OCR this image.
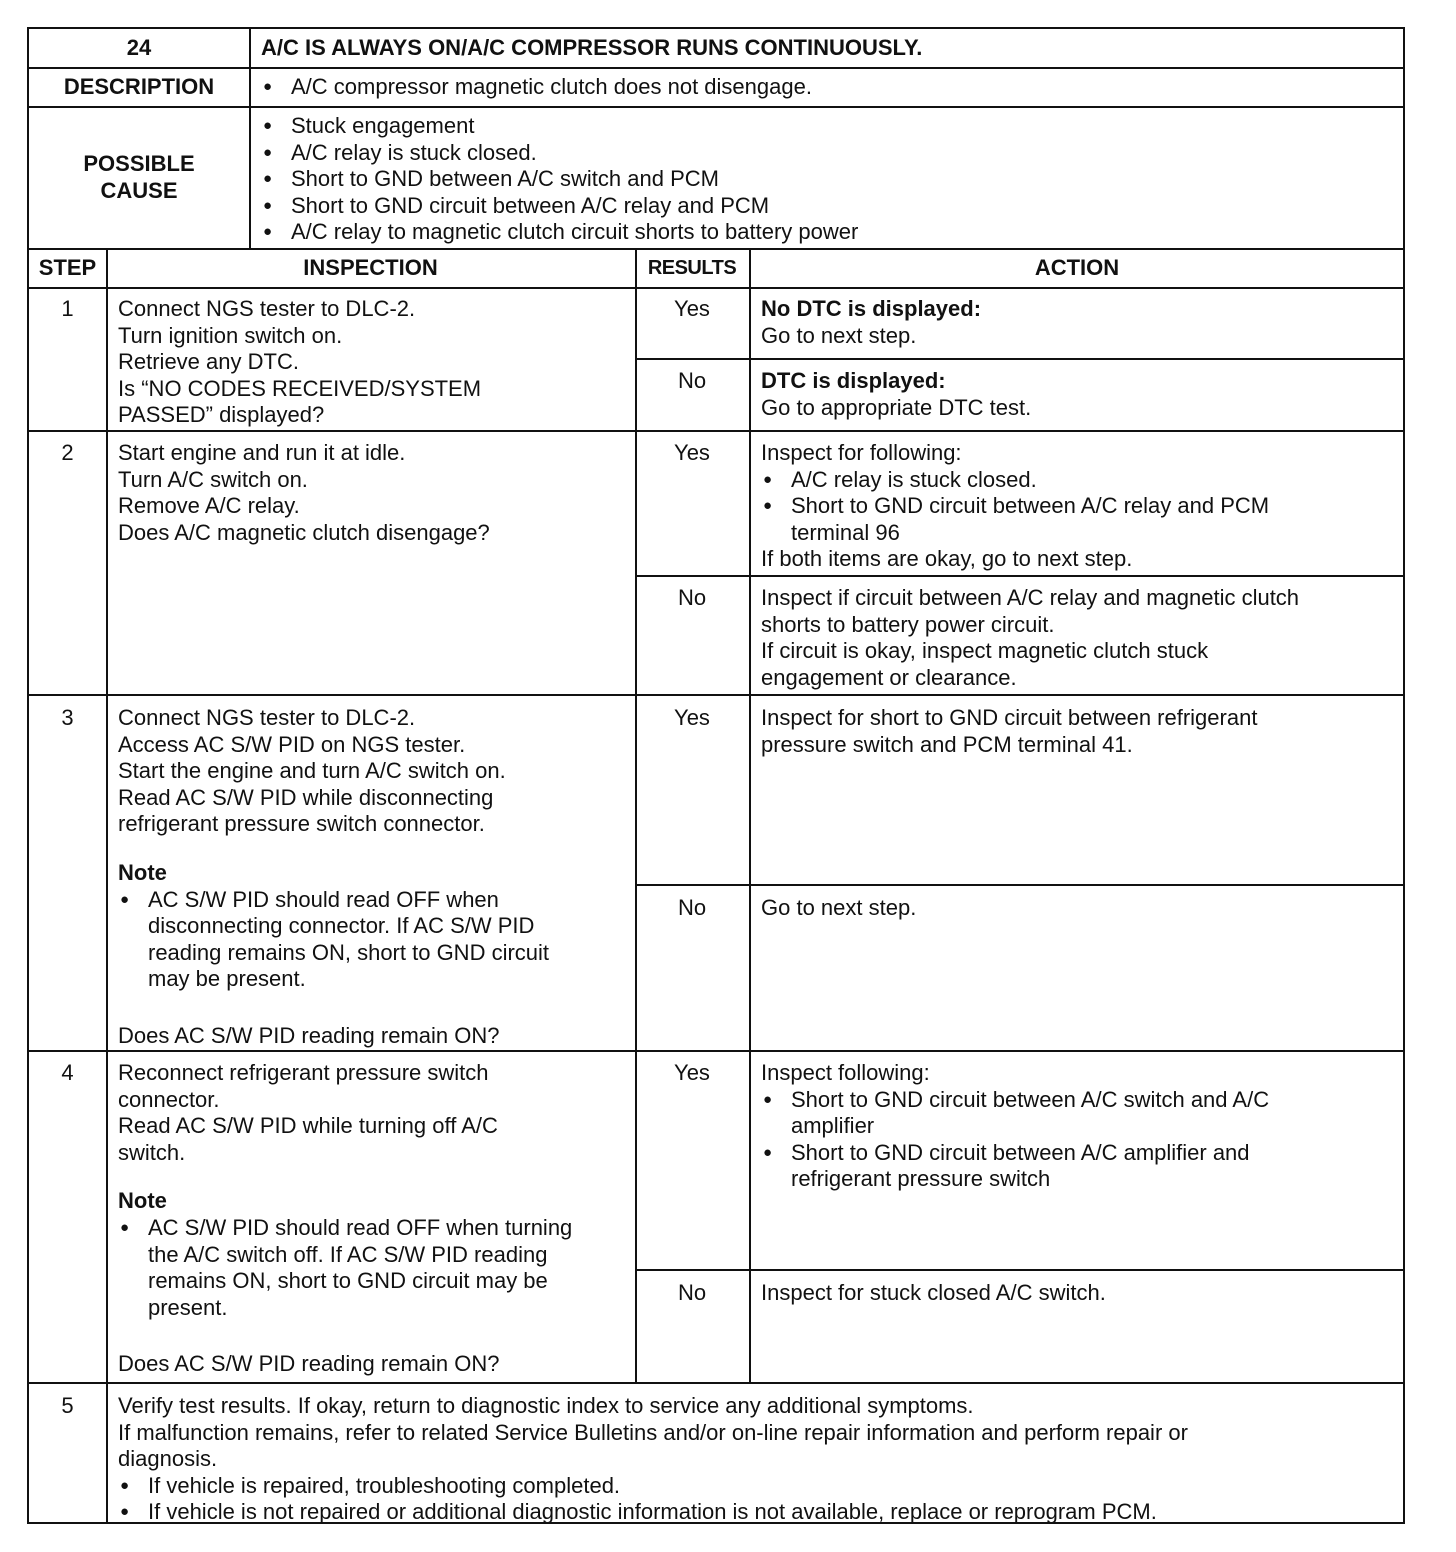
24	A/C IS ALWAYS ON/A/C COMPRESSOR RUNS CONTINUOUSLY.
DESCRIPTION
●	A/C compressor magnetic clutch does not disengage.
POSSIBLE
CAUSE
● Stuck engagement
● A/C relay is stuck closed.
● Short to GND between A/C switch and PCM
● Short to GND circuit between A/C relay and PCM
● A/C relay to magnetic clutch circuit shorts to battery power
STEP	INSPECTION	RESULTS	ACTION
1	Connect NGS tester to DLC-2.
Turn ignition switch on.
Retrieve any DTC.
Is “NO CODES RECEIVED/SYSTEM
PASSED” displayed?
Yes	No DTC is displayed:
Go to next step.
No	DTC is displayed:
Go to appropriate DTC test.
2	Start engine and run it at idle.
Turn A/C switch on.
Remove A/C relay.
Does A/C magnetic clutch disengage?
Yes	Inspect for following:
● A/C relay is stuck closed.
● Short to GND circuit between A/C relay and PCM
terminal 96
If both items are okay, go to next step.
No	Inspect if circuit between A/C relay and magnetic clutch
shorts to battery power circuit.
If circuit is okay, inspect magnetic clutch stuck
engagement or clearance.
3	Connect NGS tester to DLC-2.
Access AC S/W PID on NGS tester.
Start the engine and turn A/C switch on.
Read AC S/W PID while disconnecting
refrigerant pressure switch connector.
Note
● AC S/W PID should read OFF when
disconnecting connector. If AC S/W PID
reading remains ON, short to GND circuit
may be present.
Does AC S/W PID reading remain ON?
Yes	Inspect for short to GND circuit between refrigerant
pressure switch and PCM terminal 41.
No	Go to next step.
4	Reconnect refrigerant pressure switch
connector.
Read AC S/W PID while turning off A/C
switch.
Note
● AC S/W PID should read OFF when turning
the A/C switch off. If AC S/W PID reading
remains ON, short to GND circuit may be
present.
Does AC S/W PID reading remain ON?
Yes	Inspect following:
● Short to GND circuit between A/C switch and A/C
amplifier
● Short to GND circuit between A/C amplifier and
refrigerant pressure switch
No	Inspect for stuck closed A/C switch.
5	Verify test results. If okay, return to diagnostic index to service any additional symptoms.
If malfunction remains, refer to related Service Bulletins and/or on-line repair information and perform repair or
diagnosis.
● If vehicle is repaired, troubleshooting completed.
● If vehicle is not repaired or additional diagnostic information is not available, replace or reprogram PCM.
